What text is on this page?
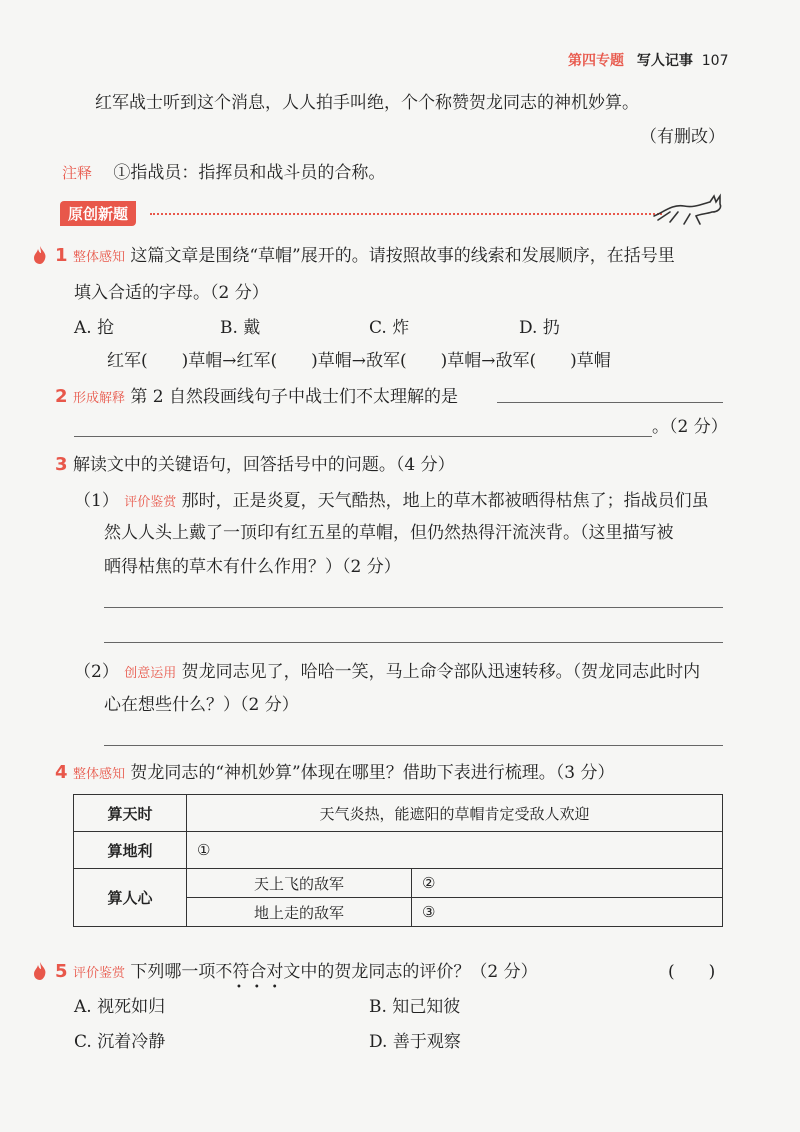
第四专题 写人记事 107
红军战士听到这个消息，人人拍手叫绝，个个称赞贺龙同志的神机妙算。
（有删改）
注释 ①指战员：指挥员和战斗员的合称。
原创新题
1 整体感知 这篇文章是围绕“草帽”展开的。请按照故事的线索和发展顺序，在括号里
填入合适的字母。（2 分）
A. 抢	B. 戴	C. 炸	D. 扔
红军(　　)草帽→红军(　　)草帽→敌军(　　)草帽→敌军(　　)草帽
2 形成解释 第 2 自然段画线句子中战士们不太理解的是
。（2 分）
3 解读文中的关键语句，回答括号中的问题。（4 分）
（1） 评价鉴赏 那时，正是炎夏，天气酷热，地上的草木都被晒得枯焦了；指战员们虽
然人人头上戴了一顶印有红五星的草帽，但仍然热得汗流浃背。（这里描写被
晒得枯焦的草木有什么作用？）（2 分）
（2） 创意运用 贺龙同志见了，哈哈一笑，马上命令部队迅速转移。（贺龙同志此时内
心在想些什么？）（2 分）
4 整体感知 贺龙同志的“神机妙算”体现在哪里？借助下表进行梳理。（3 分）
算天时	天气炎热，能遮阳的草帽肯定受敌人欢迎	
算地利	①	
算人心	天上飞的敌军	②
	地上走的敌军	③
5 评价鉴赏 下列哪一项不符合对文中的贺龙同志的评价？（2 分）
•••
(　　)
A. 视死如归	B. 知己知彼
C. 沉着冷静	D. 善于观察
